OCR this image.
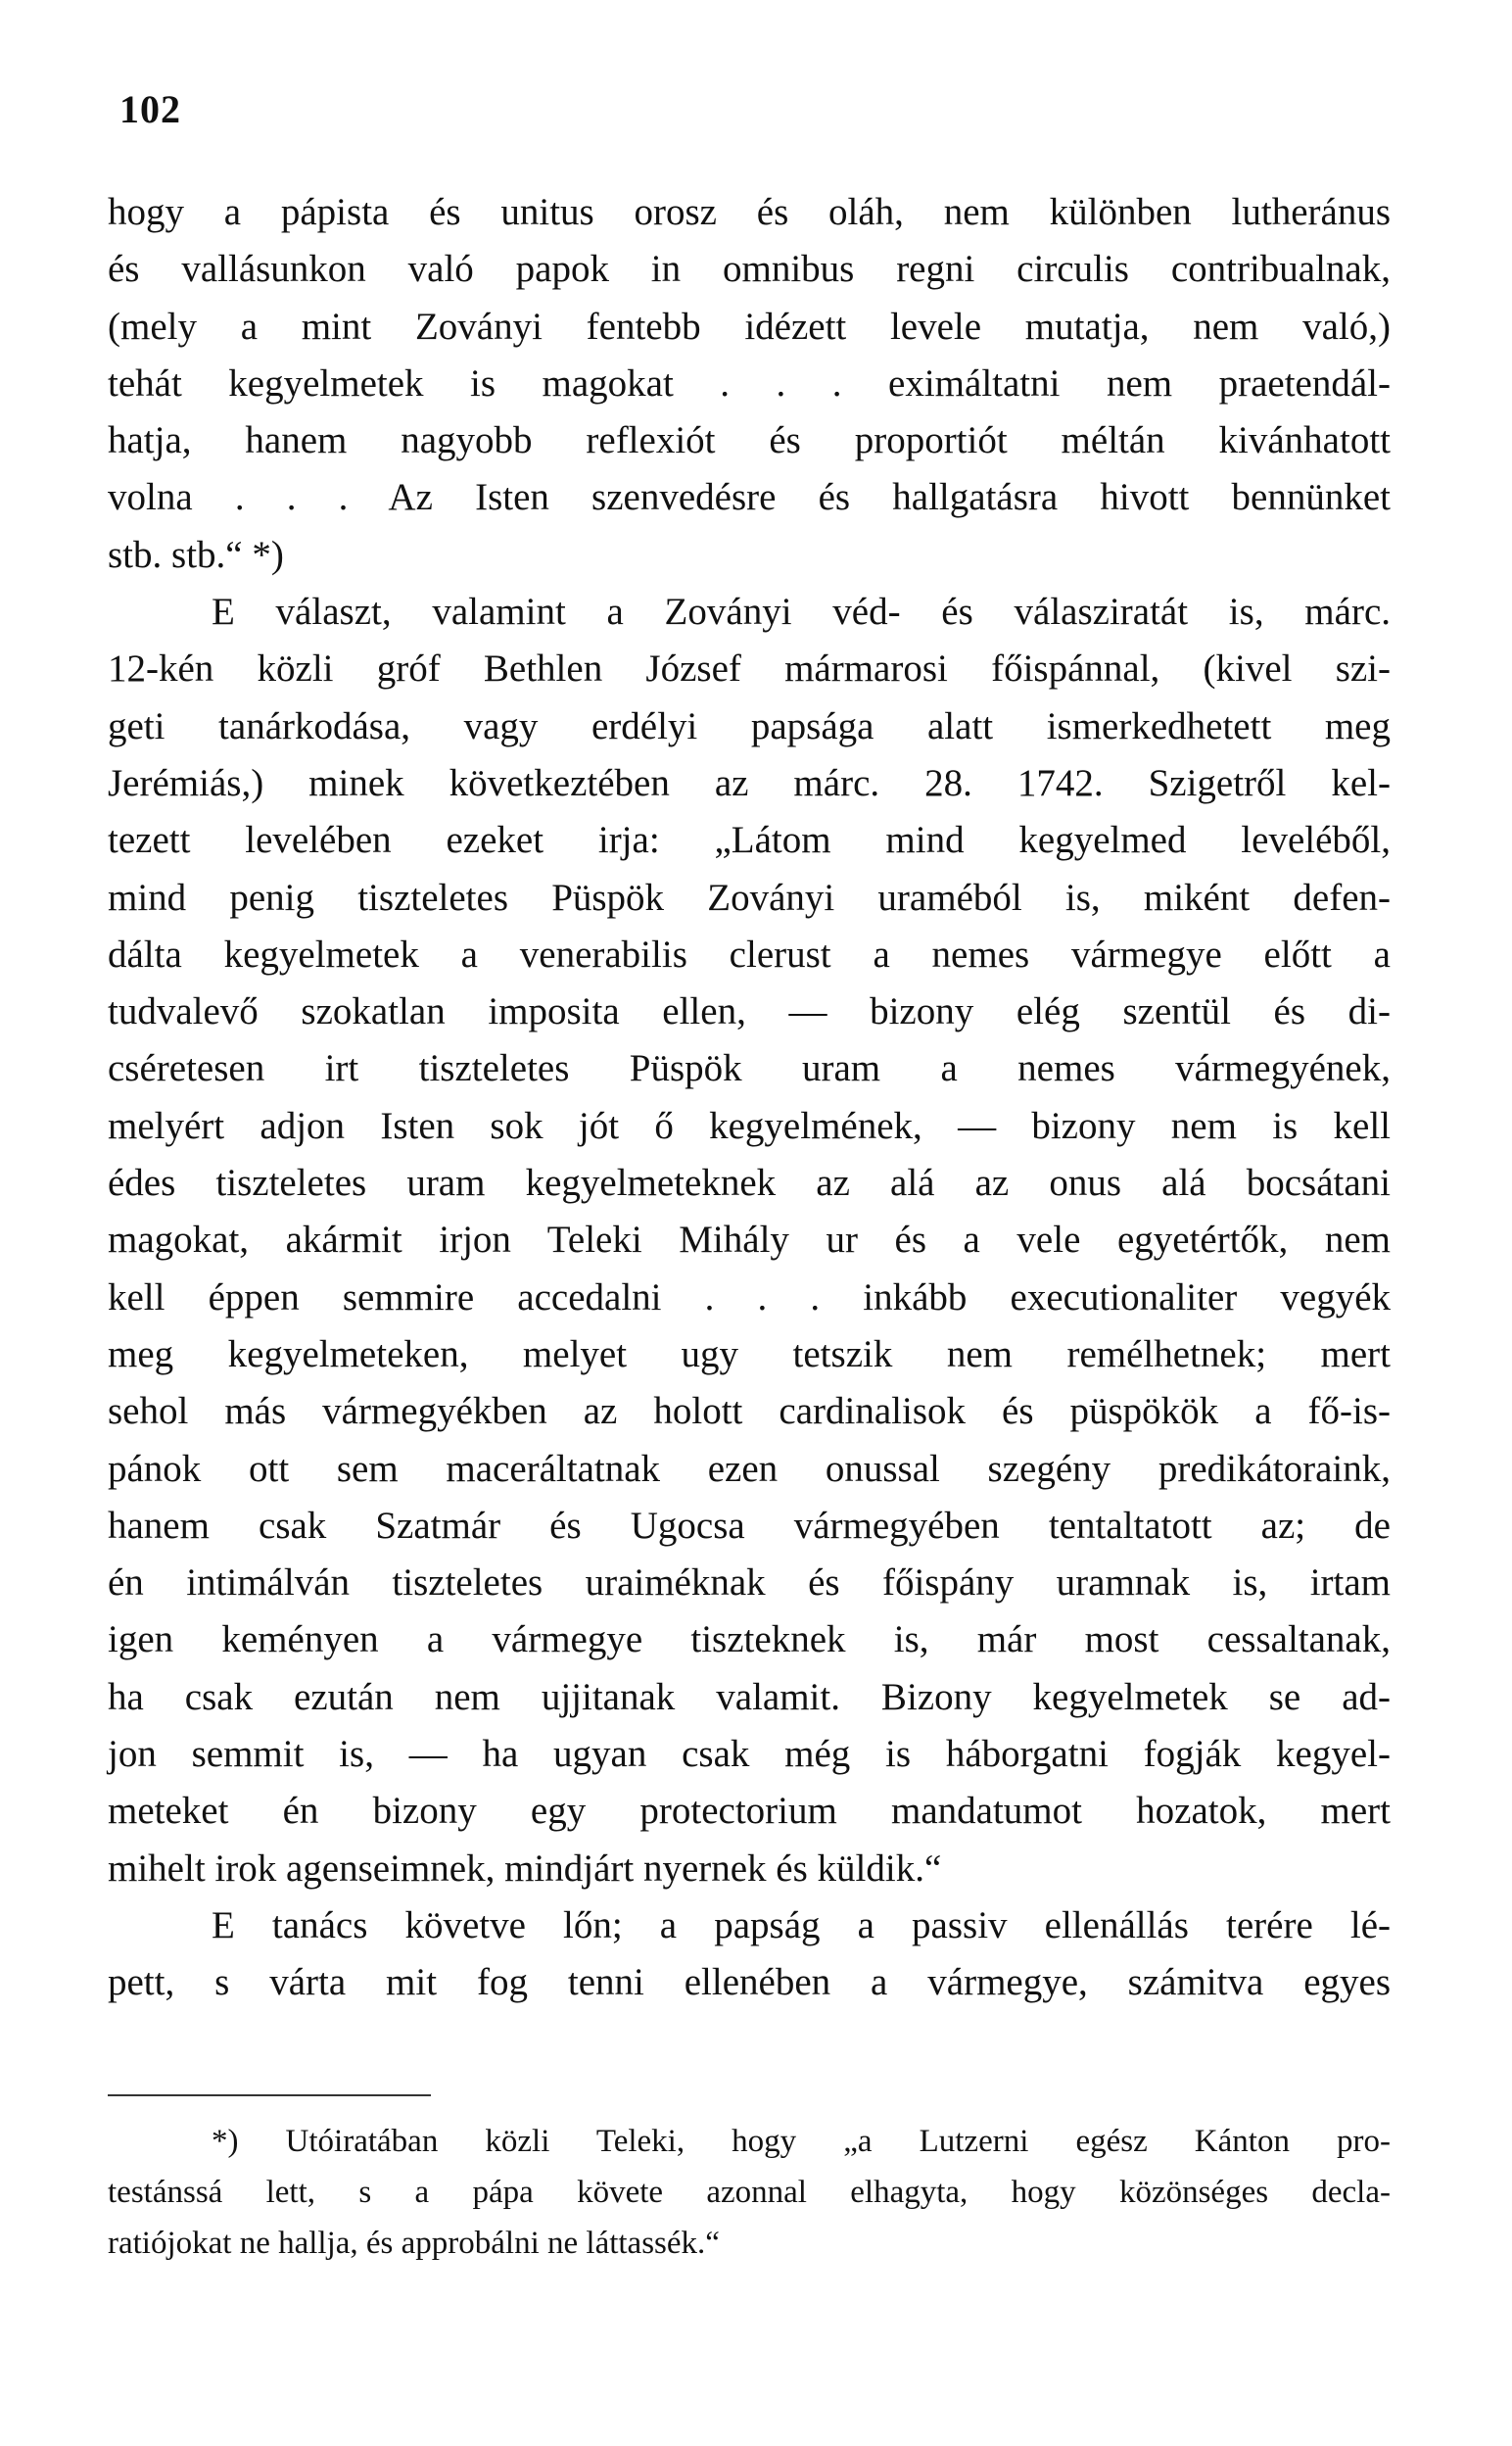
102
hogy a pápista és unitus orosz és oláh, nem különben lutheránus
és vallásunkon való papok in omnibus regni circulis contribualnak,
(mely a mint Zoványi fentebb idézett levele mutatja, nem való,)
tehát kegyelmetek is magokat . . . eximáltatni nem praetendál-
hatja, hanem nagyobb reflexiót és proportiót méltán kivánhatott
volna . . . Az Isten szenvedésre és hallgatásra hivott bennünket
stb. stb.“ *)
E választ, valamint a Zoványi véd- és válasziratát is, márc.
12-kén közli gróf Bethlen József mármarosi főispánnal, (kivel szi-
geti tanárkodása, vagy erdélyi papsága alatt ismerkedhetett meg
Jerémiás,) minek következtében az márc. 28. 1742. Szigetről kel-
tezett levelében ezeket irja: „Látom mind kegyelmed leveléből,
mind penig tiszteletes Püspök Zoványi uraméból is, miként defen-
dálta kegyelmetek a venerabilis clerust a nemes vármegye előtt a
tudvalevő szokatlan imposita ellen, — bizony elég szentül és di-
cséretesen irt tiszteletes Püspök uram a nemes vármegyének,
melyért adjon Isten sok jót ő kegyelmének, — bizony nem is kell
édes tiszteletes uram kegyelmeteknek az alá az onus alá bocsátani
magokat, akármit irjon Teleki Mihály ur és a vele egyetértők, nem
kell éppen semmire accedalni . . . inkább executionaliter vegyék
meg kegyelmeteken, melyet ugy tetszik nem remélhetnek; mert
sehol más vármegyékben az holott cardinalisok és püspökök a fő-is-
pánok ott sem maceráltatnak ezen onussal szegény predikátoraink,
hanem csak Szatmár és Ugocsa vármegyében tentaltatott az; de
én intimálván tiszteletes uraiméknak és főispány uramnak is, irtam
igen keményen a vármegye tiszteknek is, már most cessaltanak,
ha csak ezután nem ujjitanak valamit. Bizony kegyelmetek se ad-
jon semmit is, — ha ugyan csak még is háborgatni fogják kegyel-
meteket én bizony egy protectorium mandatumot hozatok, mert
mihelt irok agenseimnek, mindjárt nyernek és küldik.“
E tanács követve lőn; a papság a passiv ellenállás terére lé-
pett, s várta mit fog tenni ellenében a vármegye, számitva egyes
*) Utóiratában közli Teleki, hogy „a Lutzerni egész Kánton pro-
testánssá lett, s a pápa követe azonnal elhagyta, hogy közönséges decla-
ratiójokat ne hallja, és approbálni ne láttassék.“
